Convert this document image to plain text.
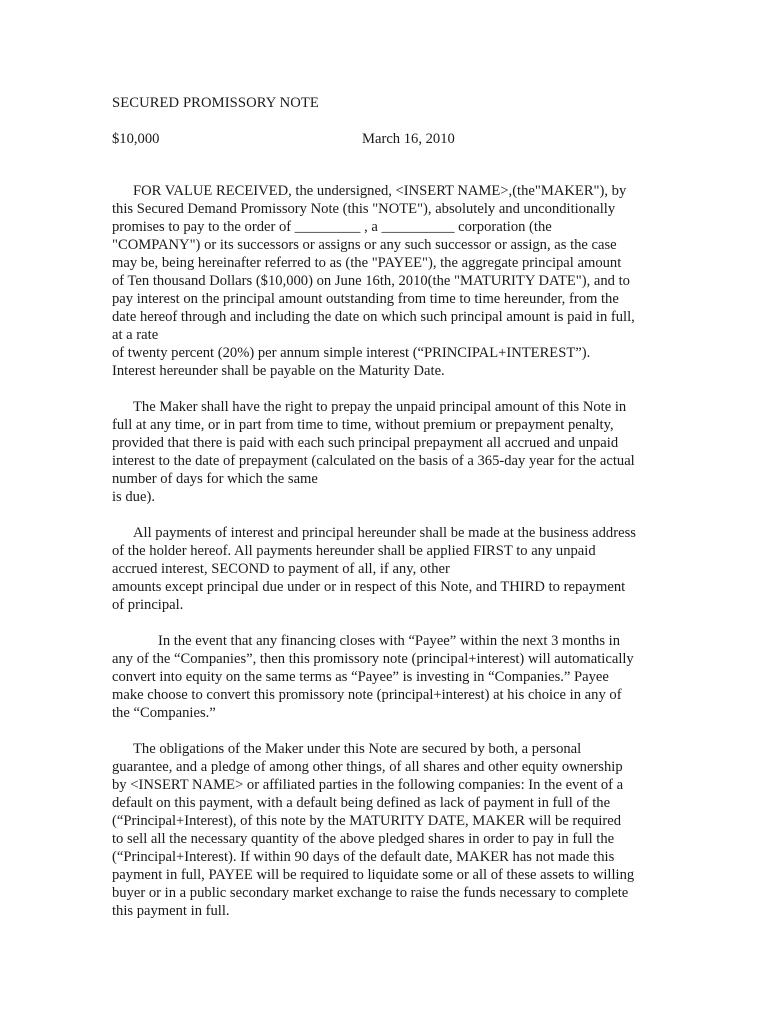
SECURED PROMISSORY NOTE
$10,000	March 16, 2010
FOR VALUE RECEIVED, the undersigned, <INSERT NAME>,(the"MAKER"), by
this Secured Demand Promissory Note (this "NOTE"), absolutely and unconditionally
promises to pay to the order of _________ , a __________ corporation (the
"COMPANY") or its successors or assigns or any such successor or assign, as the case
may be, being hereinafter referred to as (the "PAYEE"), the aggregate principal amount
of Ten thousand Dollars ($10,000) on June 16th, 2010(the "MATURITY DATE"), and to
pay interest on the principal amount outstanding from time to time hereunder, from the
date hereof through and including the date on which such principal amount is paid in full,
at a rate
of twenty percent (20%) per annum simple interest (“PRINCIPAL+INTEREST”).
Interest hereunder shall be payable on the Maturity Date.
The Maker shall have the right to prepay the unpaid principal amount of this Note in
full at any time, or in part from time to time, without premium or prepayment penalty,
provided that there is paid with each such principal prepayment all accrued and unpaid
interest to the date of prepayment (calculated on the basis of a 365-day year for the actual
number of days for which the same
is due).
All payments of interest and principal hereunder shall be made at the business address
of the holder hereof. All payments hereunder shall be applied FIRST to any unpaid
accrued interest, SECOND to payment of all, if any, other
amounts except principal due under or in respect of this Note, and THIRD to repayment
of principal.
In the event that any financing closes with “Payee” within the next 3 months in
any of the “Companies”, then this promissory note (principal+interest) will automatically
convert into equity on the same terms as “Payee” is investing in “Companies.” Payee
make choose to convert this promissory note (principal+interest) at his choice in any of
the “Companies.”
The obligations of the Maker under this Note are secured by both, a personal
guarantee, and a pledge of among other things, of all shares and other equity ownership
by <INSERT NAME> or affiliated parties in the following companies: In the event of a
default on this payment, with a default being defined as lack of payment in full of the
(“Principal+Interest), of this note by the MATURITY DATE, MAKER will be required
to sell all the necessary quantity of the above pledged shares in order to pay in full the
(“Principal+Interest). If within 90 days of the default date, MAKER has not made this
payment in full, PAYEE will be required to liquidate some or all of these assets to willing
buyer or in a public secondary market exchange to raise the funds necessary to complete
this payment in full.
